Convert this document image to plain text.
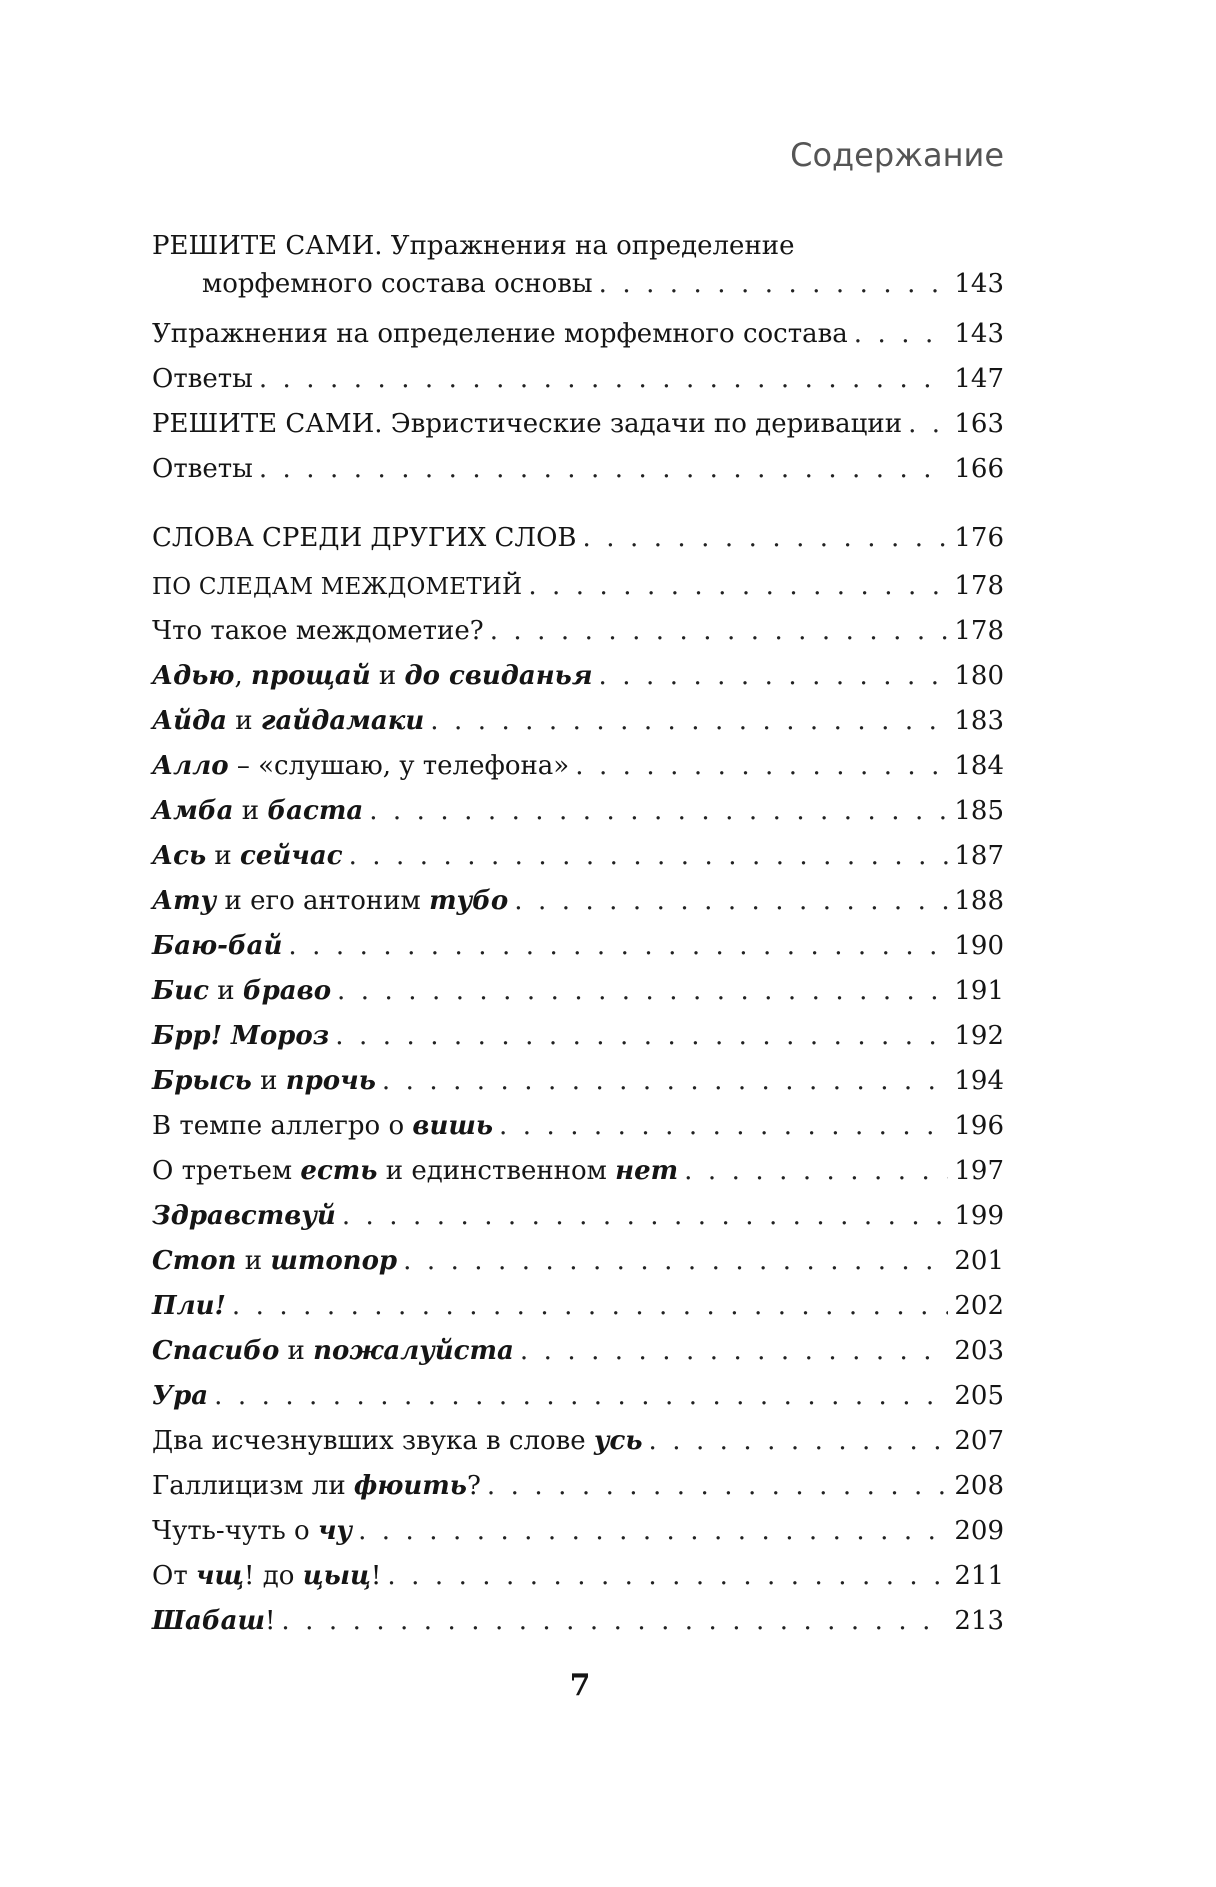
Содержание
РЕШИТЕ САМИ. Упражнения на определение
морфемного состава основы . . .	143
Упражнения на определение морфемного состава . . .	143
Ответы . . .	147
РЕШИТЕ САМИ. Эвристические задачи по деривации . . . 163
Ответы . . .	166
СЛОВА СРЕДИ ДРУГИХ СЛОВ . . .	176
ПО СЛЕДАМ МЕЖДОМЕТИЙ . . .	178
Что такое междометие? . . .	178
Адью, прощай и до свиданья . . .	180
Айда и гайдамаки . . .	183
Алло – «слушаю, у телефона» . . .	184
Амба и баста . . .	185
Ась и сейчас . . .	187
Ату и его антоним тубо . . .	188
Баю-бай . . .	190
Бис и браво . . .	191
Брр! Мороз . . .	192
Брысь и прочь . . .	194
В темпе аллегро о вишь . . .	196
О третьем есть и единственном нет . . .	197
Здравствуй . . .	199
Стоп и штопор . . .	201
Пли! . . .	202
Спасибо и пожалуйста . . .	203
Ура . . .	205
Два исчезнувших звука в слове усь . . .	207
Галлицизм ли фюить? . . .	208
Чуть-чуть о чу . . .	209
От чщ! до цыц! . . .	211
Шабаш! . . .	213
7
